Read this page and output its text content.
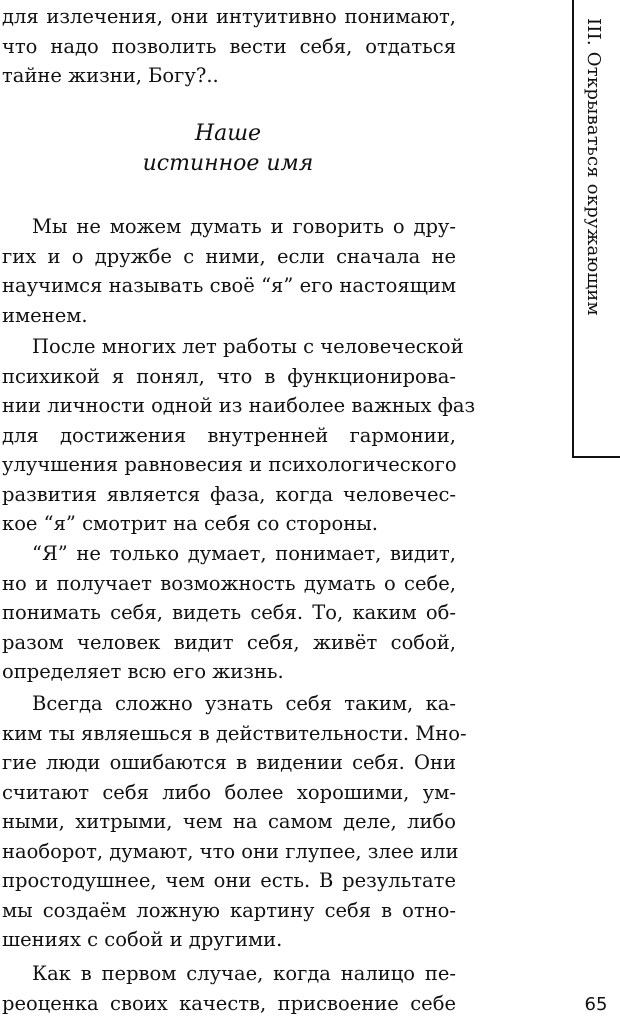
для излечения, они интуитивно понимают,
что надо позволить вести себя, отдаться
тайне жизни, Богу?..
Наше
истинное имя
Мы не можем думать и говорить о дру-
гих и о дружбе с ними, если сначала не
научимся называть своё “я” его настоящим
именем.
После многих лет работы с человеческой
психикой я понял, что в функционирова-
нии личности одной из наиболее важных фаз
для достижения внутренней гармонии,
улучшения равновесия и психологического
развития является фаза, когда человечес-
кое “я” смотрит на себя со стороны.
“Я” не только думает, понимает, видит,
но и получает возможность думать о себе,
понимать себя, видеть себя. То, каким об-
разом человек видит себя, живёт собой,
определяет всю его жизнь.
Всегда сложно узнать себя таким, ка-
ким ты являешься в действительности. Мно-
гие люди ошибаются в видении себя. Они
считают себя либо более хорошими, ум-
ными, хитрыми, чем на самом деле, либо
наоборот, думают, что они глупее, злее или
простодушнее, чем они есть. В результате
мы создаём ложную картину себя в отно-
шениях с собой и другими.
Как в первом случае, когда налицо пе-
реоценка своих качеств, присвоение себе
III. Открываться окружающим
65
